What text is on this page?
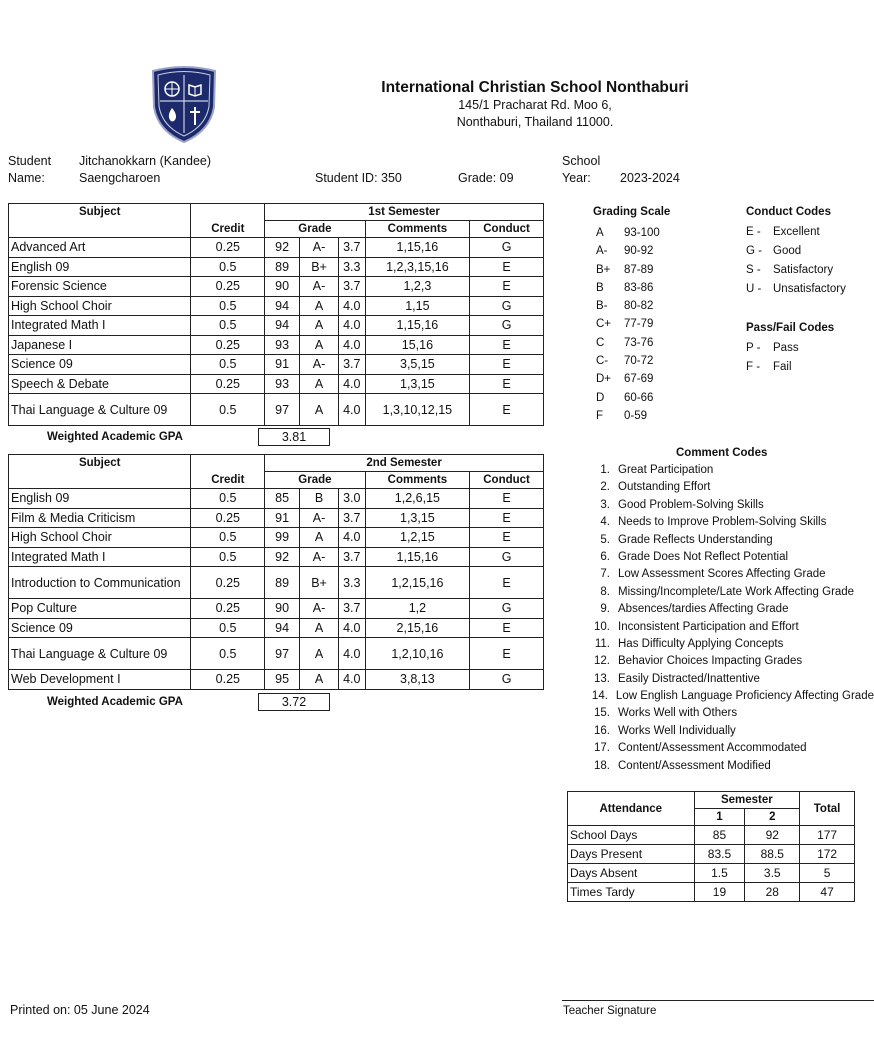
International Christian School Nonthaburi
145/1 Pracharat Rd. Moo 6,
Nonthaburi, Thailand 11000.
Student
Name:
Jitchanokkarn (Kandee)
Saengcharoen	Student ID: 350	Grade: 09
School
Year:	2023-2024
Subject		1st Semester				
	Credit	Grade			Comments	Conduct
Advanced Art	0.25	92	A-	3.7	1,15,16	G
English 09	0.5	89	B+	3.3	1,2,3,15,16	E
Forensic Science	0.25	90	A-	3.7	1,2,3	E
High School Choir	0.5	94	A	4.0	1,15	G
Integrated Math I	0.5	94	A	4.0	1,15,16	G
Japanese I	0.25	93	A	4.0	15,16	E
Science 09	0.5	91	A-	3.7	3,5,15	E
Speech & Debate	0.25	93	A	4.0	1,3,15	E
Thai Language & Culture 09	0.5	97	A	4.0	1,3,10,12,15	E
Weighted Academic GPA	3.81
Subject		2nd Semester				
	Credit	Grade			Comments	Conduct
English 09	0.5	85	B	3.0	1,2,6,15	E
Film & Media Criticism	0.25	91	A-	3.7	1,3,15	E
High School Choir	0.5	99	A	4.0	1,2,15	E
Integrated Math I	0.5	92	A-	3.7	1,15,16	G
Introduction to Communication	0.25	89	B+	3.3	1,2,15,16	E
Pop Culture	0.25	90	A-	3.7	1,2	G
Science 09	0.5	94	A	4.0	2,15,16	E
Thai Language & Culture 09	0.5	97	A	4.0	1,2,10,16	E
Web Development I	0.25	95	A	4.0	3,8,13	G
Weighted Academic GPA	3.72
Grading Scale
A	93-100
A-	90-92
B+	87-89
B	83-86
B-	80-82
C+	77-79
C	73-76
C-	70-72
D+	67-69
D	60-66
F	0-59
Conduct Codes
E -	Excellent
G - Good
S -	Satisfactory
U -	Unsatisfactory
Pass/Fail Codes
P -	Pass
F -	Fail
Comment Codes
1. Great Participation
2. Outstanding Effort
3. Good Problem-Solving Skills
4. Needs to Improve Problem-Solving Skills
5. Grade Reflects Understanding
6. Grade Does Not Reflect Potential
7. Low Assessment Scores Affecting Grade
8. Missing/Incomplete/Late Work Affecting Grade
9. Absences/tardies Affecting Grade
10. Inconsistent Participation and Effort
11. Has Difficulty Applying Concepts
12. Behavior Choices Impacting Grades
13. Easily Distracted/Inattentive
14. Low English Language Proficiency Affecting Grade
15. Works Well with Others
16. Works Well Individually
17. Content/Assessment Accommodated
18. Content/Assessment Modified
Attendance	Semester		Total
	1	2	
School Days	85	92	177
Days Present	83.5	88.5	172
Days Absent	1.5	3.5	5
Times Tardy	19	28	47
Printed on: 05 June 2024	Teacher Signature
